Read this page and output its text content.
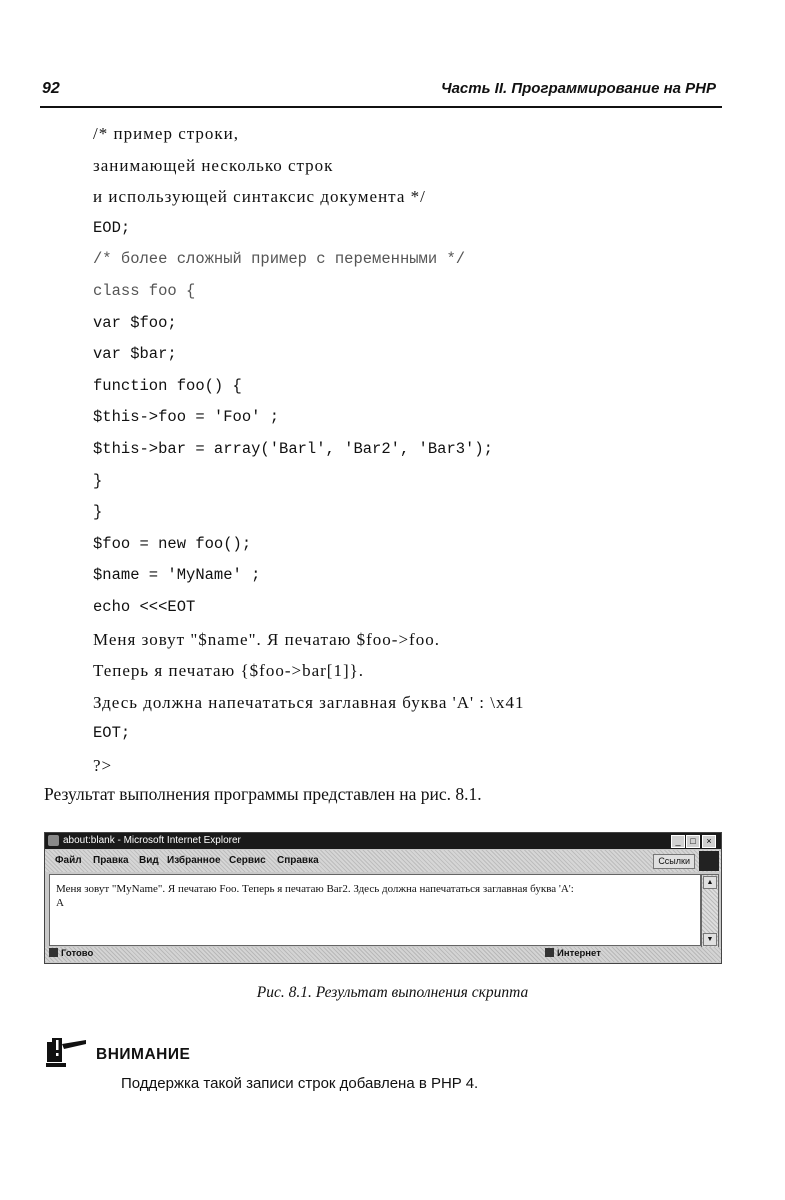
92	Часть II. Программирование на PHP
/* пример строки,
занимающей несколько строк
и использующей синтаксис документа */
EOD;
/* более сложный пример с переменными */
class foo {
var $foo;
var $bar;
function foo() {
$this->foo = 'Foo' ;
$this->bar = array('Barl', 'Bar2', 'Bar3');
}
}
$foo = new foo();
$name = 'MyName' ;
echo <<<EOT
Меня зовут "$name". Я печатаю $foo->foo.
Теперь я печатаю {$foo->bar[1]}.
Здесь должна напечататься заглавная буква 'А' : \x41
EOT;
?>
Результат выполнения программы представлен на рис. 8.1.
about:blank - Microsoft Internet Explorer	_	□	×
Файл Правка Вид Избранное Сервис Справка	Ссылки
Меня зовут "MyName". Я печатаю Foo. Теперь я печатаю Bar2. Здесь должна напечататься заглавная буква 'А':
A
▲
▼
Готово	Интернет
Рис. 8.1. Результат выполнения скрипта
ВНИМАНИЕ
Поддержка такой записи строк добавлена в PHP 4.
